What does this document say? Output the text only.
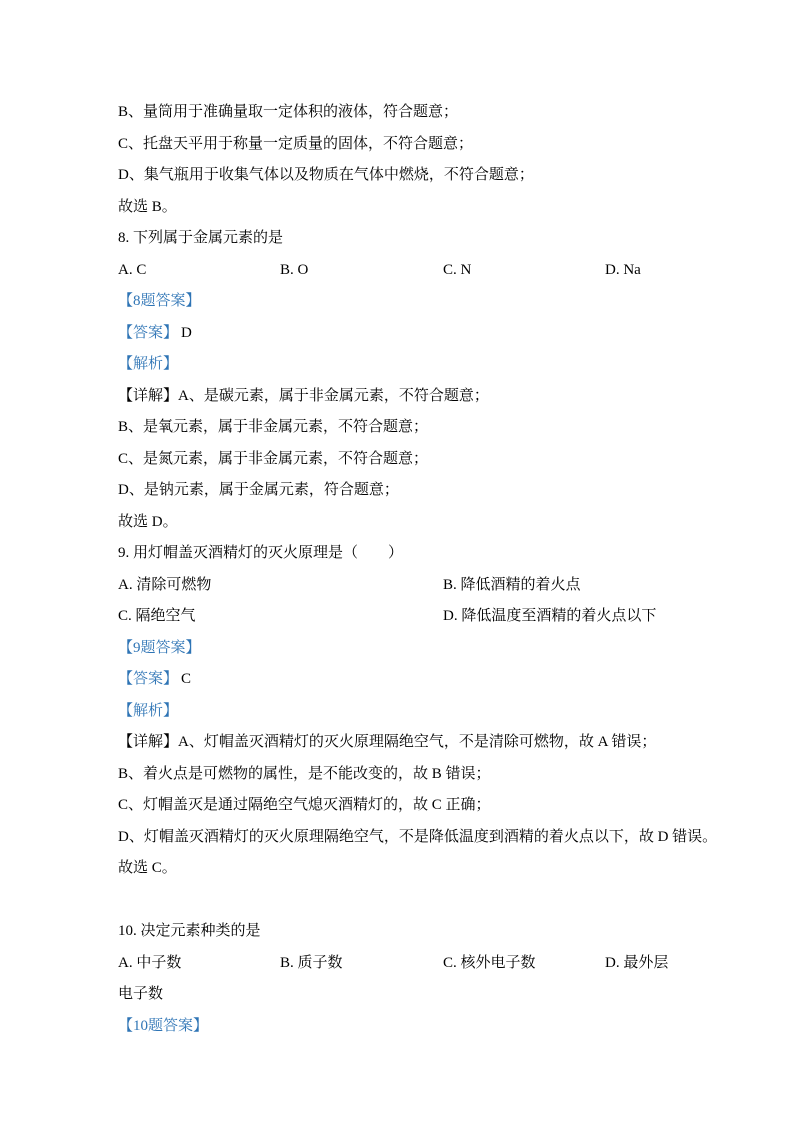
B、量筒用于准确量取一定体积的液体，符合题意；

C、托盘天平用于称量一定质量的固体，不符合题意；

D、集气瓶用于收集气体以及物质在气体中燃烧，不符合题意；

故选 B。

8. 下列属于金属元素的是

A. C	B. O	C. N	D. Na

【8题答案】

【答案】 D

【解析】

【详解】A、是碳元素，属于非金属元素，不符合题意；

B、是氧元素，属于非金属元素，不符合题意；

C、是氮元素，属于非金属元素，不符合题意；

D、是钠元素，属于金属元素，符合题意；

故选 D。

9. 用灯帽盖灭酒精灯的灭火原理是（　　）

A. 清除可燃物	B. 降低酒精的着火点

C. 隔绝空气	D. 降低温度至酒精的着火点以下

【9题答案】

【答案】 C

【解析】

【详解】A、灯帽盖灭酒精灯的灭火原理隔绝空气，不是清除可燃物，故 A 错误；

B、着火点是可燃物的属性，是不能改变的，故 B 错误；

C、灯帽盖灭是通过隔绝空气熄灭酒精灯的，故 C 正确；

D、灯帽盖灭酒精灯的灭火原理隔绝空气，不是降低温度到酒精的着火点以下，故 D 错误。

故选 C。

10. 决定元素种类的是

A. 中子数	B. 质子数	C. 核外电子数	D. 最外层

电子数

【10题答案】
